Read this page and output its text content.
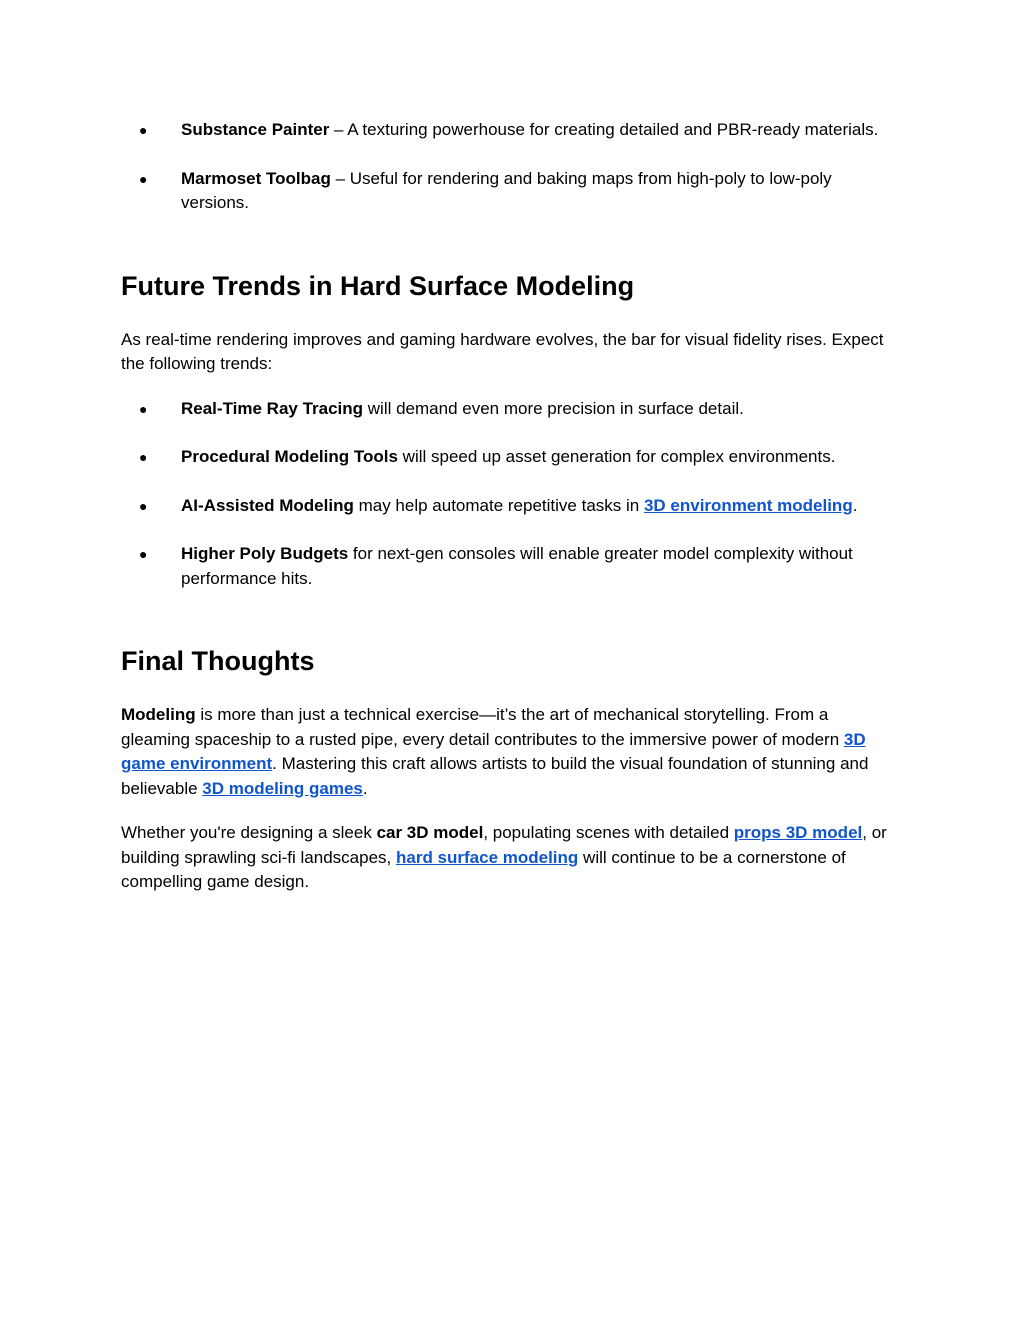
● Substance Painter – A texturing powerhouse for creating detailed and PBR-ready materials.
● Marmoset Toolbag – Useful for rendering and baking maps from high-poly to low-poly versions.
Future Trends in Hard Surface Modeling

As real-time rendering improves and gaming hardware evolves, the bar for visual fidelity rises. Expect the following trends:

● Real-Time Ray Tracing will demand even more precision in surface detail.
● Procedural Modeling Tools will speed up asset generation for complex environments.
● AI-Assisted Modeling may help automate repetitive tasks in 3D environment modeling.
● Higher Poly Budgets for next-gen consoles will enable greater model complexity without performance hits.
Final Thoughts

Modeling is more than just a technical exercise—it’s the art of mechanical storytelling. From a gleaming spaceship to a rusted pipe, every detail contributes to the immersive power of modern 3D game environment. Mastering this craft allows artists to build the visual foundation of stunning and believable 3D modeling games.

Whether you're designing a sleek car 3D model, populating scenes with detailed props 3D model, or building sprawling sci-fi landscapes, hard surface modeling will continue to be a cornerstone of compelling game design.
